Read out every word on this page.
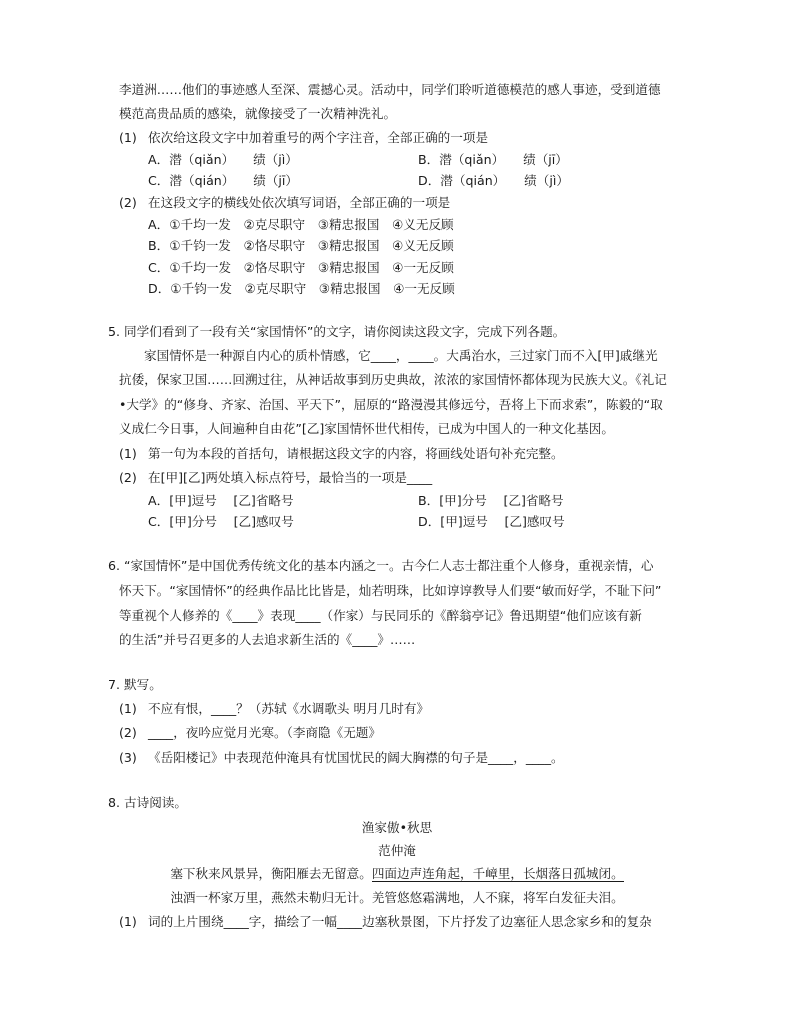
李道洲……他们的事迹感人至深、震撼心灵。活动中，同学们聆听道德模范的感人事迹，受到道德
模范高贵品质的感染，就像接受了一次精神洗礼。
(1) 依次给这段文字中加着重号的两个字注音，全部正确的一项是
A．潜（qiǎn）　　绩（jì）	B．潜（qiǎn）　　绩（jī）
C．潜（qián）　　绩（jī）	D．潜（qián）　　绩（jì）
(2) 在这段文字的横线处依次填写词语，全部正确的一项是
A．①千均一发　②克尽职守　③精忠报国　④义无反顾
B．①千钧一发　②恪尽职守　③精忠报国　④义无反顾
C．①千均一发　②恪尽职守　③精忠报国　④一无反顾
D．①千钧一发　②克尽职守　③精忠报国　④一无反顾
5. 同学们看到了一段有关“家国情怀”的文字，请你阅读这段文字，完成下列各题。
家国情怀是一种源自内心的质朴情感，它____，____。大禹治水，三过家门而不入[甲]戚继光
抗倭，保家卫国……回溯过往，从神话故事到历史典故，浓浓的家国情怀都体现为民族大义。《礼记
•大学》的“修身、齐家、治国、平天下”，屈原的“路漫漫其修远兮，吾将上下而求索”，陈毅的“取
义成仁今日事，人间遍种自由花”[乙]家国情怀世代相传，已成为中国人的一种文化基因。
(1) 第一句为本段的首括句，请根据这段文字的内容，将画线处语句补充完整。
(2) 在[甲][乙]两处填入标点符号，最恰当的一项是____
A．[甲]逗号　 [乙]省略号	B．[甲]分号　 [乙]省略号
C．[甲]分号　 [乙]感叹号	D．[甲]逗号　 [乙]感叹号
6. “家国情怀”是中国优秀传统文化的基本内涵之一。古今仁人志士都注重个人修身，重视亲情，心
怀天下。“家国情怀”的经典作品比比皆是，灿若明珠，比如谆谆教导人们要“敏而好学，不耻下问”
等重视个人修养的《____》表现____（作家）与民同乐的《醉翁亭记》鲁迅期望“他们应该有新
的生活”并号召更多的人去追求新生活的《____》……
7. 默写。
(1) 不应有恨，____？（苏轼《水调歌头 明月几时有》
(2) ____，夜吟应觉月光寒。（李商隐《无题》
(3) 《岳阳楼记》中表现范仲淹具有忧国忧民的阔大胸襟的句子是____，____。
8. 古诗阅读。
渔家傲•秋思
范仲淹
塞下秋来风景异，衡阳雁去无留意。四面边声连角起，千嶂里，长烟落日孤城闭。
浊酒一杯家万里，燕然未勒归无计。羌管悠悠霜满地，人不寐，将军白发征夫泪。
(1) 词的上片围绕____字，描绘了一幅____边塞秋景图，下片抒发了边塞征人思念家乡和的复杂
